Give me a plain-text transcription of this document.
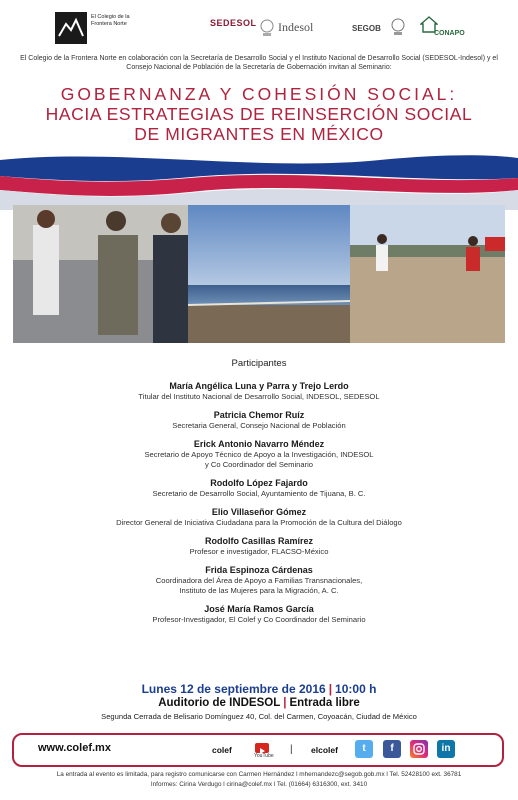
El Colegio de la Frontera Norte	SEDESOL Indesol	SEGOB
CONAPO
El Colegio de la Frontera Norte en colaboración con la Secretaría de Desarrollo Social y el Instituto Nacional de Desarrollo Social (SEDESOL-Indesol) y el Consejo Nacional de Población de la Secretaría de Gobernación invitan al Seminario:
GOBERNANZA Y COHESIÓN SOCIAL:
HACIA ESTRATEGIAS DE REINSERCIÓN SOCIAL
DE MIGRANTES EN MÉXICO
Participantes
María Angélica Luna y Parra y Trejo Lerdo
Titular del Instituto Nacional de Desarrollo Social, INDESOL, SEDESOL
Patricia Chemor Ruíz
Secretaria General, Consejo Nacional de Población
Erick Antonio Navarro Méndez
Secretario de Apoyo Técnico de Apoyo a la Investigación, INDESOL
y Co Coordinador del Seminario
Rodolfo López Fajardo
Secretario de Desarrollo Social, Ayuntamiento de Tijuana, B. C.
Elio Villaseñor Gómez
Director General de Iniciativa Ciudadana para la Promoción de la Cultura del Diálogo
Rodolfo Casillas Ramírez
Profesor e investigador, FLACSO-México
Frida Espinoza Cárdenas
Coordinadora del Área de Apoyo a Familias Transnacionales,
Instituto de las Mujeres para la Migración, A. C.
José María Ramos García
Profesor-Investigador, El Colef y Co Coordinador del Seminario
Lunes 12 de septiembre de 2016 | 10:00 h
Auditorio de INDESOL | Entrada libre
Segunda Cerrada de Belisario Domínguez 40, Col. del Carmen, Coyoacán, Ciudad de México
www.colef.mx	colef
YouTube
| elcolef	t	f	in
La entrada al evento es limitada, para registro comunicarse con Carmen Hernández l mhernandezc@segob.gob.mx l Tel. 52428100 ext. 36781
Informes: Cirina Verdugo l cirina@colef.mx l Tel. (01664) 6316300, ext. 3410
